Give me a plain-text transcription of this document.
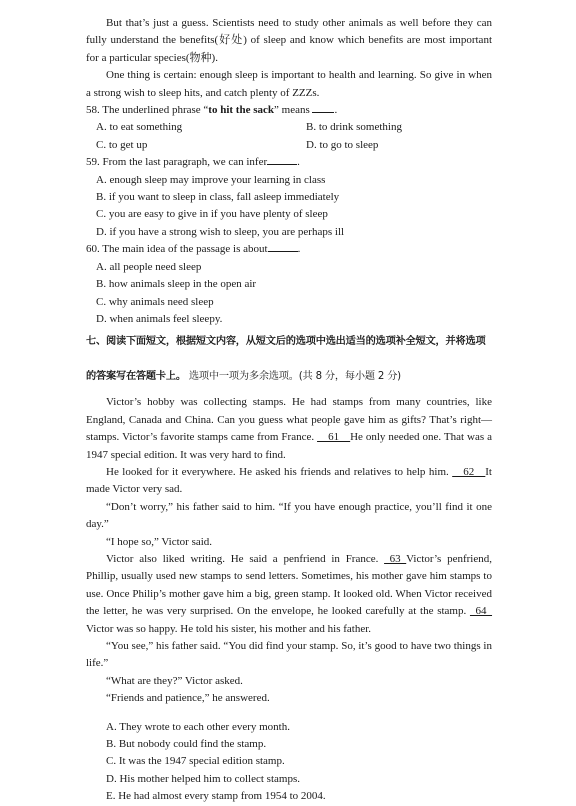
But that’s just a guess. Scientists need to study other animals as well before they can fully understand the benefits(好处) of sleep and know which benefits are most important for a particular species(物种).

One thing is certain: enough sleep is important to health and learning. So give in when a strong wish to sleep hits, and catch plenty of ZZZs.

58. The underlined phrase “to hit the sack” means .

A. to eat something	B. to drink something
C. to get up	D. to go to sleep

59. From the last paragraph, we can infer	.

A. enough sleep may improve your learning in class
B. if you want to sleep in class, fall asleep immediately
C. you are easy to give in if you have plenty of sleep
D. if you have a strong wish to sleep, you are perhaps ill

60. The main idea of the passage is about	.

A. all people need sleep
B. how animals sleep in the open air
C. why animals need sleep
D. when animals feel sleepy.
七、阅读下面短文，根据短文内容，从短文后的选项中选出适当的选项补全短文，并将选项
的答案写在答题卡上。 选项中一项为多余选项。(共 8 分，每小题 2 分)

Victor’s hobby was collecting stamps. He had stamps from many countries, like England, Canada and China. Can you guess what people gave him as gifts? That’s right—stamps. Victor’s favorite stamps came from France. __61__He only needed one. That was a 1947 special edition. It was very hard to find.

He looked for it everywhere. He asked his friends and relatives to help him. __62__It made Victor very sad.

“Don’t worry,” his father said to him. “If you have enough practice, you’ll find it one day.”

“I hope so,” Victor said.

Victor also liked writing. He said a penfriend in France. _63_Victor’s penfriend, Phillip, usually used new stamps to send letters. Sometimes, his mother gave him stamps to use. Once Philip’s mother gave him a big, green stamp. It looked old. When Victor received the letter, he was very surprised. On the envelope, he looked carefully at the stamp. _64_ Victor was so happy. He told his sister, his mother and his father.

“You see,” his father said. “You did find your stamp. So, it’s good to have two things in life.”

“What are they?” Victor asked.

“Friends and patience,” he answered.

A. They wrote to each other every month.
B. But nobody could find the stamp.
C. It was the 1947 special edition stamp.
D. His mother helped him to collect stamps.
E. He had almost every stamp from 1954 to 2004.
